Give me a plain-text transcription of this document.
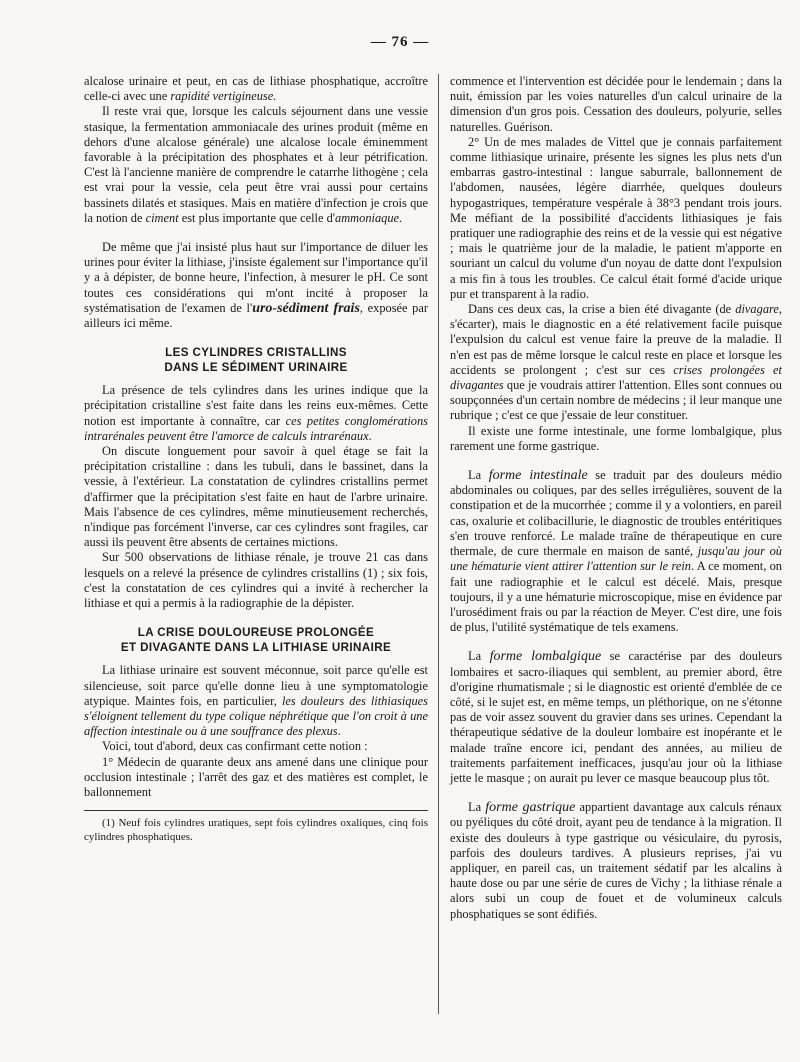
— 76 —

alcalose urinaire et peut, en cas de lithiase phosphatique, accroître celle-ci avec une rapidité vertigineuse.

Il reste vrai que, lorsque les calculs séjournent dans une vessie stasique, la fermentation ammoniacale des urines produit (même en dehors d'une alcalose générale) une alcalose locale éminemment favorable à la précipitation des phosphates et à leur pétrification. C'est là l'ancienne manière de comprendre le catarrhe lithogène ; cela est vrai pour la vessie, cela peut être vrai aussi pour certains bassinets dilatés et stasiques. Mais en matière d'infection je crois que la notion de ciment est plus importante que celle d'ammoniaque.

De même que j'ai insisté plus haut sur l'importance de diluer les urines pour éviter la lithiase, j'insiste également sur l'importance qu'il y a à dépister, de bonne heure, l'infection, à mesurer le pH. Ce sont toutes ces considérations qui m'ont incité à proposer la systématisation de l'examen de l'uro-sédiment frais, exposée par ailleurs ici même.

LES CYLINDRES CRISTALLINS
DANS LE SÉDIMENT URINAIRE

La présence de tels cylindres dans les urines indique que la précipitation cristalline s'est faite dans les reins eux-mêmes. Cette notion est importante à connaître, car ces petites conglomérations intrarénales peuvent être l'amorce de calculs intrarénaux.

On discute longuement pour savoir à quel étage se fait la précipitation cristalline : dans les tubuli, dans le bassinet, dans la vessie, à l'extérieur. La constatation de cylindres cristallins permet d'affirmer que la précipitation s'est faite en haut de l'arbre urinaire. Mais l'absence de ces cylindres, même minutieusement recherchés, n'indique pas forcément l'inverse, car ces cylindres sont fragiles, car aussi ils peuvent être absents de certaines mictions.

Sur 500 observations de lithiase rénale, je trouve 21 cas dans lesquels on a relevé la présence de cylindres cristallins (1) ; six fois, c'est la constatation de ces cylindres qui a invité à rechercher la lithiase et qui a permis à la radiographie de la dépister.

LA CRISE DOULOUREUSE PROLONGÉE
ET DIVAGANTE DANS LA LITHIASE URINAIRE

La lithiase urinaire est souvent méconnue, soit parce qu'elle est silencieuse, soit parce qu'elle donne lieu à une symptomatologie atypique. Maintes fois, en particulier, les douleurs des lithiasiques s'éloignent tellement du type colique néphrétique que l'on croit à une affection intestinale ou à une souffrance des plexus.

Voici, tout d'abord, deux cas confirmant cette notion :

1° Médecin de quarante deux ans amené dans une clinique pour occlusion intestinale ; l'arrêt des gaz et des matières est complet, le ballonnement

(1) Neuf fois cylindres uratiques, sept fois cylindres oxaliques, cinq fois cylindres phosphatiques.

commence et l'intervention est décidée pour le lendemain ; dans la nuit, émission par les voies naturelles d'un calcul urinaire de la dimension d'un gros pois. Cessation des douleurs, polyurie, selles naturelles. Guérison.

2° Un de mes malades de Vittel que je connais parfaitement comme lithiasique urinaire, présente les signes les plus nets d'un embarras gastro-intestinal : langue saburrale, ballonnement de l'abdomen, nausées, légère diarrhée, quelques douleurs hypogastriques, température vespérale à 38°3 pendant trois jours. Me méfiant de la possibilité d'accidents lithiasiques je fais pratiquer une radiographie des reins et de la vessie qui est négative ; mais le quatrième jour de la maladie, le patient m'apporte en souriant un calcul du volume d'un noyau de datte dont l'expulsion a mis fin à tous les troubles. Ce calcul était formé d'acide urique pur et transparent à la radio.

Dans ces deux cas, la crise a bien été divagante (de divagare, s'écarter), mais le diagnostic en a été relativement facile puisque l'expulsion du calcul est venue faire la preuve de la maladie. Il n'en est pas de même lorsque le calcul reste en place et lorsque les accidents se prolongent ; c'est sur ces crises prolongées et divagantes que je voudrais attirer l'attention. Elles sont connues ou soupçonnées d'un certain nombre de médecins ; il leur manque une rubrique ; c'est ce que j'essaie de leur constituer.

Il existe une forme intestinale, une forme lombalgique, plus rarement une forme gastrique.

La forme intestinale se traduit par des douleurs médio abdominales ou coliques, par des selles irrégulières, souvent de la constipation et de la mucorrhée ; comme il y a volontiers, en pareil cas, oxalurie et colibacillurie, le diagnostic de troubles entéritiques s'en trouve renforcé. Le malade traîne de thérapeutique en cure thermale, de cure thermale en maison de santé, jusqu'au jour où une hématurie vient attirer l'attention sur le rein. A ce moment, on fait une radiographie et le calcul est décelé. Mais, presque toujours, il y a une hématurie microscopique, mise en évidence par l'urosédiment frais ou par la réaction de Meyer. C'est dire, une fois de plus, l'utilité systématique de tels examens.

La forme lombalgique se caractérise par des douleurs lombaires et sacro-iliaques qui semblent, au premier abord, être d'origine rhumatismale ; si le diagnostic est orienté d'emblée de ce côté, si le sujet est, en même temps, un pléthorique, on ne s'étonne pas de voir assez souvent du gravier dans ses urines. Cependant la thérapeutique sédative de la douleur lombaire est inopérante et le malade traîne encore ici, pendant des années, au milieu de traitements parfaitement inefficaces, jusqu'au jour où la lithiase jette le masque ; on aurait pu lever ce masque beaucoup plus tôt.

La forme gastrique appartient davantage aux calculs rénaux ou pyéliques du côté droit, ayant peu de tendance à la migration. Il existe des douleurs à type gastrique ou vésiculaire, du pyrosis, parfois des douleurs tardives. A plusieurs reprises, j'ai vu appliquer, en pareil cas, un traitement sédatif par les alcalins à haute dose ou par une série de cures de Vichy ; la lithiase rénale a alors subi un coup de fouet et de volumineux calculs phosphatiques se sont édifiés.
